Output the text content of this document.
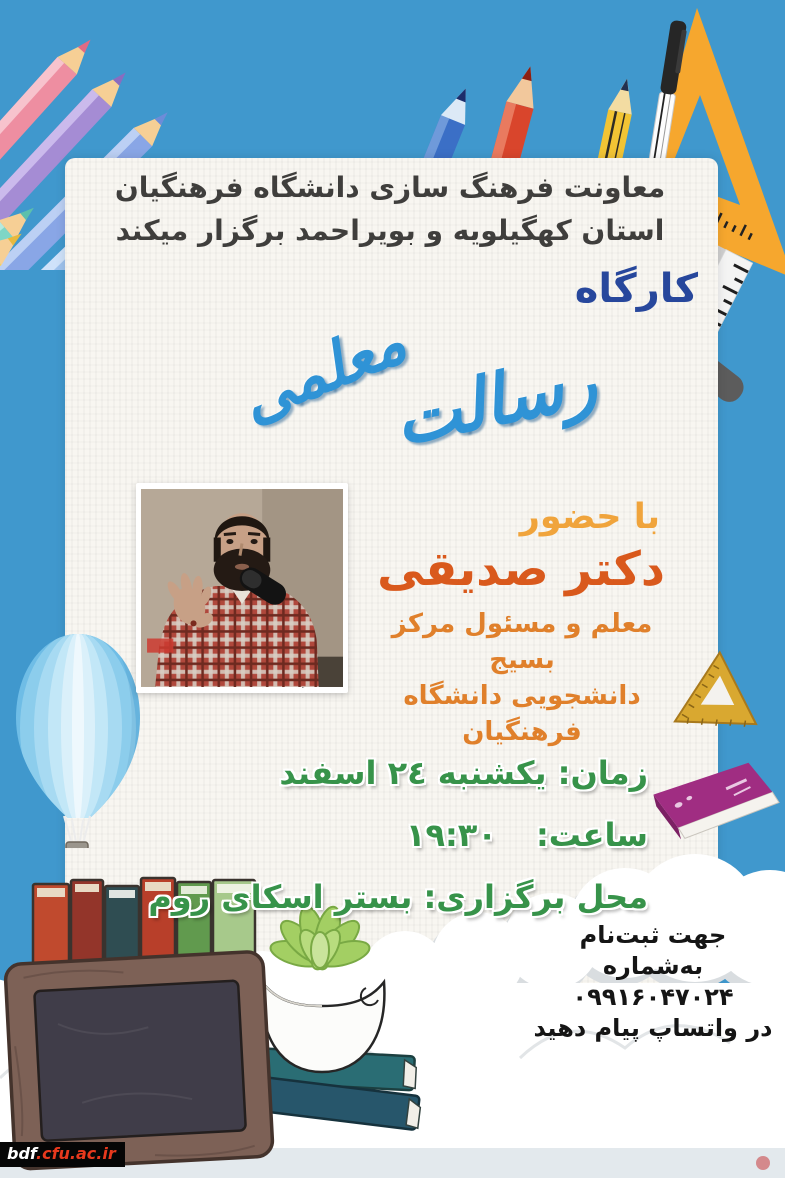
معاونت فرهنگ سازی دانشگاه فرهنگیان
استان کهگیلویه و بویراحمد برگزار میکند
کارگاه
رسالت
معلمی
با حضور
دکتر صدیقی
معلم و مسئول مرکز بسیج
دانشجویی دانشگاه فرهنگیان
زمان: یکشنبه ٢٤ اسفند
ساعت: ١٩:٣٠
محل برگزاری: بستر اسکای روم
جهت ثبت‌نام
به‌شماره
۰۹۹۱۶۰۴۷۰۲۴
در واتساپ پیام دهید
bdf.cfu.ac.ir
